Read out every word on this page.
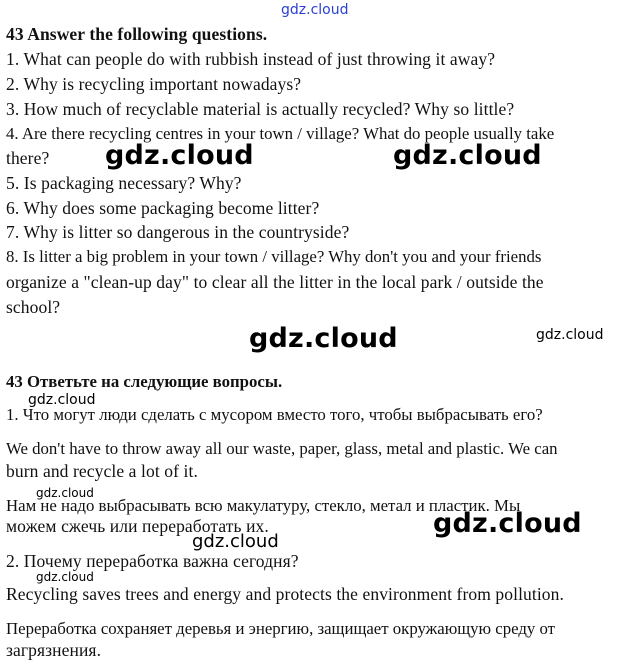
gdz.cloud
43 Answer the following questions.
1. What can people do with rubbish instead of just throwing it away?
2. Why is recycling important nowadays?
3. How much of recyclable material is actually recycled? Why so little?
4. Are there recycling centres in your town / village? What do people usually take
there?
5. Is packaging necessary? Why?
6. Why does some packaging become litter?
7. Why is litter so dangerous in the countryside?
8. Is litter a big problem in your town / village? Why don't you and your friends
organize a "clean-up day" to clear all the litter in the local park / outside the
school?
43 Ответьте на следующие вопросы.
1. Что могут люди сделать с мусором вместо того, чтобы выбрасывать его?
We don't have to throw away all our waste, paper, glass, metal and plastic. We can
burn and recycle a lot of it.
Нам не надо выбрасывать всю макулатуру, стекло, метал и пластик. Мы
можем сжечь или переработать их.
2. Почему переработка важна сегодня?
Recycling saves trees and energy and protects the environment from pollution.
Переработка сохраняет деревья и энергию, защищает окружающую среду от
загрязнения.
gdz.cloud	gdz.cloud
gdz.cloud	gdz.cloud
gdz.cloud
gdz.cloud
gdz.cloud
gdz.cloud
gdz.cloud
